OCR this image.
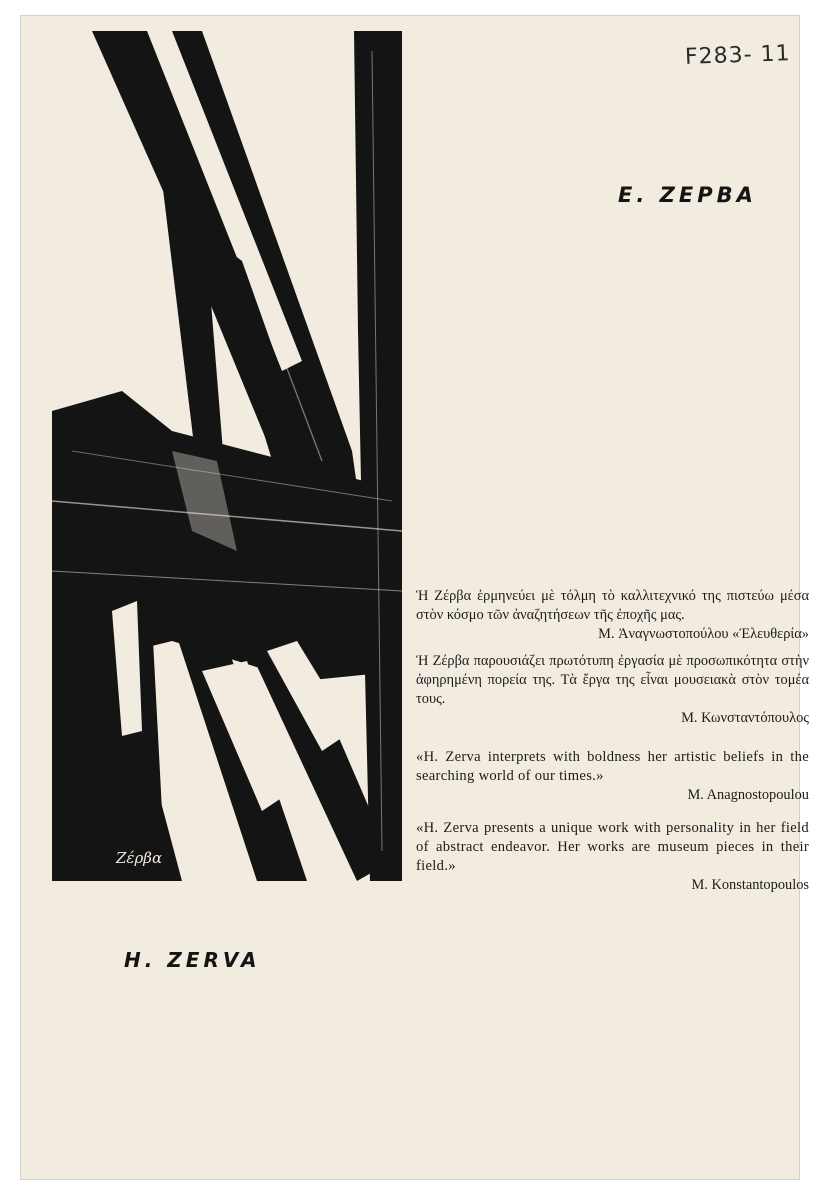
F283- 11
Ζέρβα
Ε. ΖΕΡΒΑ

Ἡ Ζέρβα ἑρμηνεύει μὲ τόλμη τὸ καλλιτεχνικό της πιστεύω μέσα στὸν κόσμο τῶν ἀναζητήσεων τῆς ἐποχῆς μας.

Μ. Ἀναγνωστοπούλου «Ἐλευθερία»

Ἡ Ζέρβα παρουσιάζει πρωτότυπη ἐργασία μὲ προσωπικότητα στὴν ἀφηρημένη πορεία της. Τὰ ἔργα της εἶναι μουσειακὰ στὸν τομέα τους.

Μ. Κωνσταντόπουλος

«H. Zerva interprets with boldness her artistic beliefs in the searching world of our times.»

M. Anagnostopoulou

«H. Zerva presents a unique work with personality in her field of abstract endeavor. Her works are museum pieces in their field.»

M. Konstantopoulos

H. ZERVA
